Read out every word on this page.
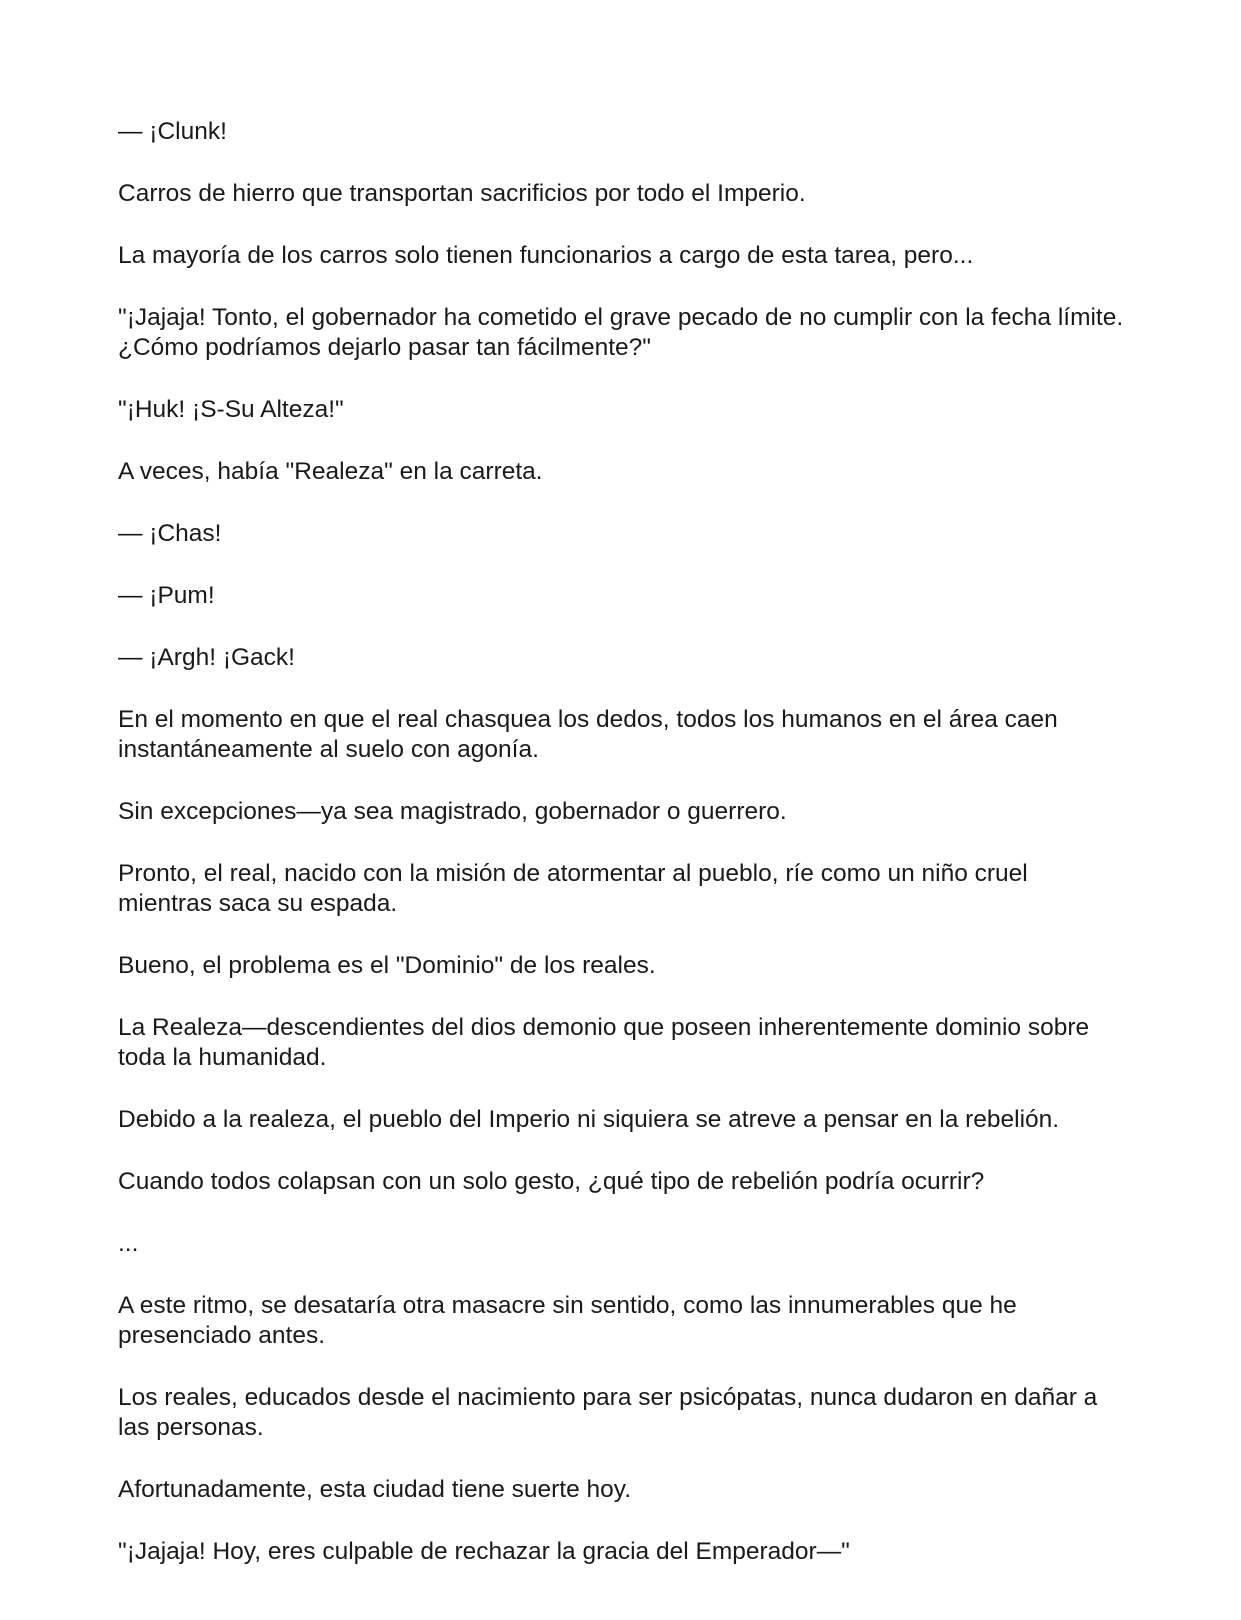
— ¡Clunk!

Carros de hierro que transportan sacrificios por todo el Imperio.

La mayoría de los carros solo tienen funcionarios a cargo de esta tarea, pero...

"¡Jajaja! Tonto, el gobernador ha cometido el grave pecado de no cumplir con la fecha límite. ¿Cómo podríamos dejarlo pasar tan fácilmente?"

"¡Huk! ¡S-Su Alteza!"

A veces, había "Realeza" en la carreta.

— ¡Chas!

— ¡Pum!

— ¡Argh! ¡Gack!

En el momento en que el real chasquea los dedos, todos los humanos en el área caen instantáneamente al suelo con agonía.

Sin excepciones—ya sea magistrado, gobernador o guerrero.

Pronto, el real, nacido con la misión de atormentar al pueblo, ríe como un niño cruel mientras saca su espada.

Bueno, el problema es el "Dominio" de los reales.

La Realeza—descendientes del dios demonio que poseen inherentemente dominio sobre toda la humanidad.

Debido a la realeza, el pueblo del Imperio ni siquiera se atreve a pensar en la rebelión.

Cuando todos colapsan con un solo gesto, ¿qué tipo de rebelión podría ocurrir?

...

A este ritmo, se desataría otra masacre sin sentido, como las innumerables que he presenciado antes.

Los reales, educados desde el nacimiento para ser psicópatas, nunca dudaron en dañar a las personas.

Afortunadamente, esta ciudad tiene suerte hoy.

"¡Jajaja! Hoy, eres culpable de rechazar la gracia del Emperador—"
